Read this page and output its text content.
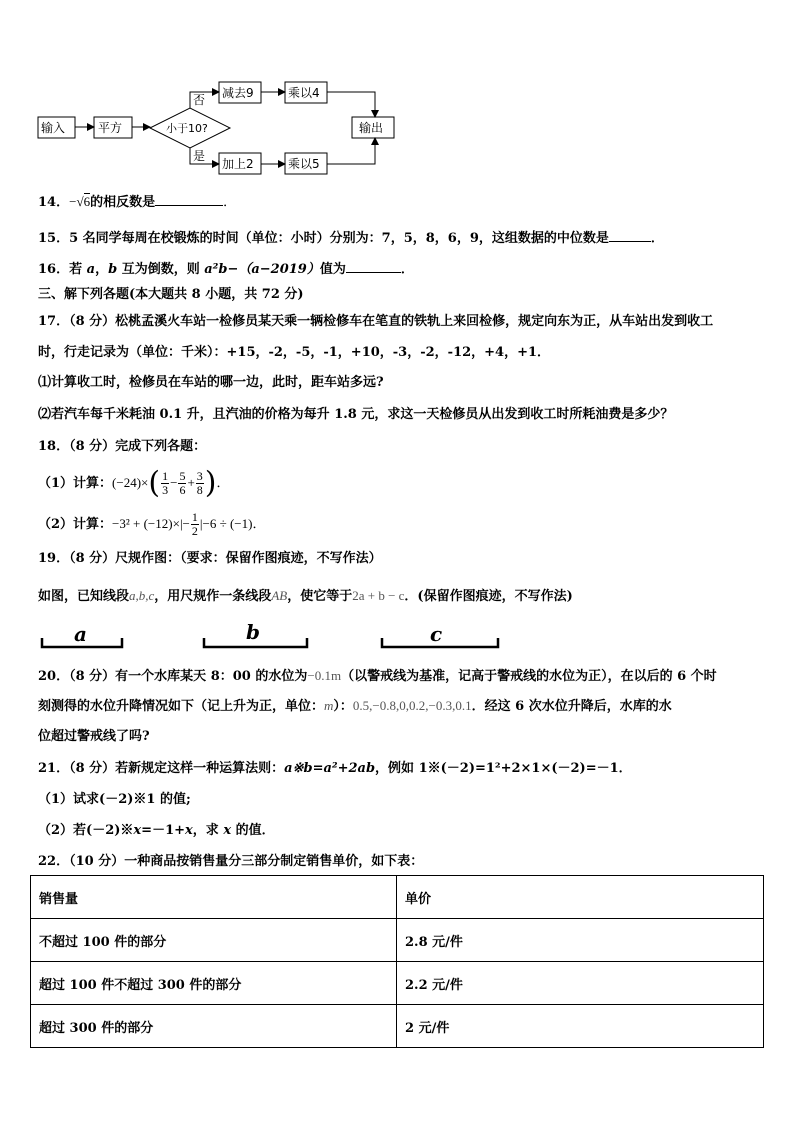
输入	平方	小于10?
否
是
减去9	乘以4
加上2	乘以5
输出
14．−√6的相反数是	．
15．5 名同学每周在校锻炼的时间（单位：小时）分别为：7，5，8，6，9，这组数据的中位数是	．
16．若 a，b 互为倒数，则 a²b−（a−2019）值为	．
三、解下列各题(本大题共 8 小题，共 72 分)
17．（8 分）松桃孟溪火车站一检修员某天乘一辆检修车在笔直的铁轨上来回检修，规定向东为正，从车站出发到收工
时，行走记录为（单位：千米）：+15，-2，-5，-1，+10，-3，-2，-12，+4，+1．
⑴计算收工时，检修员在车站的哪一边，此时，距车站多远?
⑵若汽车每千米耗油 0.1 升，且汽油的价格为每升 1.8 元，求这一天检修员从出发到收工时所耗油费是多少？
18．（8 分）完成下列各题：
（1）计算：$(-24)\times( \frac{1}{3} - \frac{5}{6} + \frac{3}{8}$ )．
（2）计算：$-3^2 + (-12)\times|- \frac{1}{2} |-6 \div (-1)$．
19．（8 分）尺规作图：（要求：保留作图痕迹，不写作法）
如图，已知线段a,b,c，用尺规作一条线段AB，使它等于2a + b − c．(保留作图痕迹，不写作法)
a	b	c
20．（8 分）有一个水库某天 8：00 的水位为−0.1m（以警戒线为基准，记高于警戒线的水位为正），在以后的 6 个时
刻测得的水位升降情况如下（记上升为正，单位：m）：0.5,−0.8,0,0.2,−0.3,0.1．经这 6 次水位升降后，水库的水
位超过警戒线了吗?
21．（8 分）若新规定这样一种运算法则：a※b=a²+2ab，例如 1※(－2)=1²+2×1×(－2)=－1．
（1）试求(－2)※1 的值;
（2）若(－2)※x=－1+x，求 x 的值．
22．（10 分）一种商品按销售量分三部分制定销售单价，如下表：
销售量	单价
不超过 100 件的部分	2.8 元/件
超过 100 件不超过 300 件的部分	2.2 元/件
超过 300 件的部分	2 元/件
